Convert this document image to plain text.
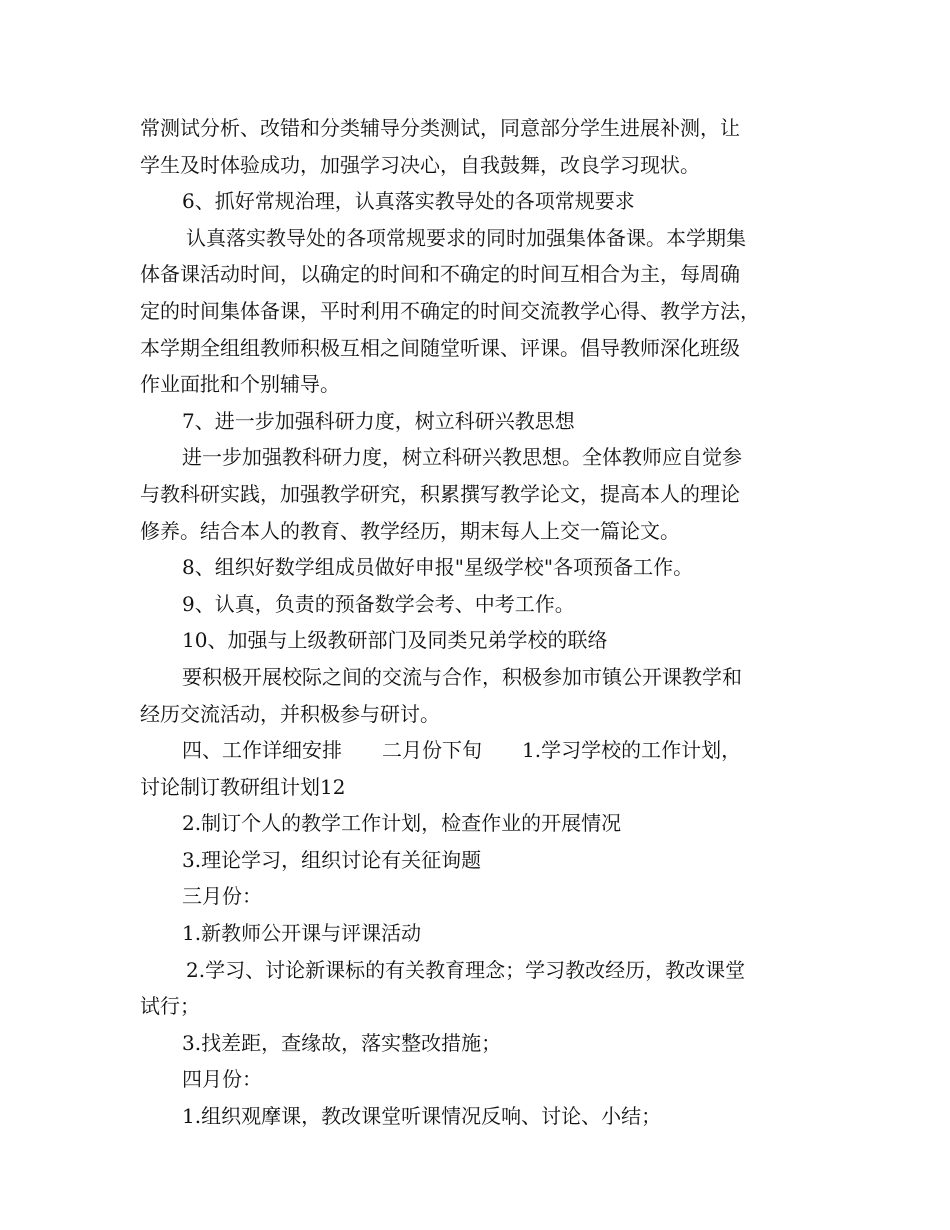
常测试分析、改错和分类辅导分类测试，同意部分学生进展补测，让

学生及时体验成功，加强学习决心，自我鼓舞，改良学习现状。

6、抓好常规治理，认真落实教导处的各项常规要求

认真落实教导处的各项常规要求的同时加强集体备课。本学期集

体备课活动时间，以确定的时间和不确定的时间互相合为主，每周确

定的时间集体备课，平时利用不确定的时间交流教学心得、教学方法，

本学期全组组教师积极互相之间随堂听课、评课。倡导教师深化班级

作业面批和个别辅导。

7、进一步加强科研力度，树立科研兴教思想

进一步加强教科研力度，树立科研兴教思想。全体教师应自觉参

与教科研实践，加强教学研究，积累撰写教学论文，提高本人的理论

修养。结合本人的教育、教学经历，期末每人上交一篇论文。

8、组织好数学组成员做好申报"星级学校"各项预备工作。

9、认真，负责的预备数学会考、中考工作。

10、加强与上级教研部门及同类兄弟学校的联络

要积极开展校际之间的交流与合作，积极参加市镇公开课教学和

经历交流活动，并积极参与研讨。

四、工作详细安排　　二月份下旬　　1.学习学校的工作计划，

讨论制订教研组计划12

2.制订个人的教学工作计划，检查作业的开展情况

3.理论学习，组织讨论有关征询题

三月份：

1.新教师公开课与评课活动

2.学习、讨论新课标的有关教育理念；学习教改经历，教改课堂

试行；

3.找差距，查缘故，落实整改措施；

四月份：

1.组织观摩课，教改课堂听课情况反响、讨论、小结；
